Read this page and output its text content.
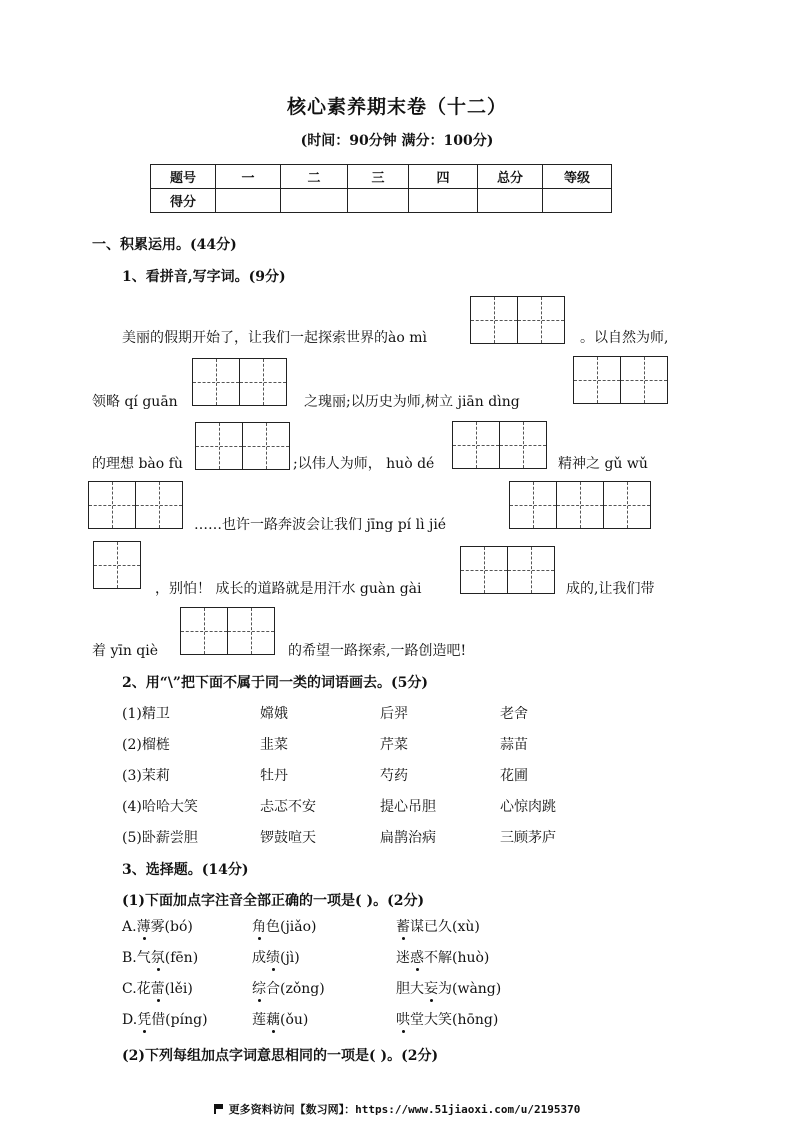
核心素养期末卷（十二）
(时间：90分钟 满分：100分)
题号	一	二	三	四	总分	等级
得分						
一、积累运用。(44分)
1、看拼音,写字词。(9分)
美丽的假期开始了，让我们一起探索世界的ào mì	。以自然为师,
领略 qí guān	之瑰丽;以历史为师,树立 jiān dìng
的理想 bào fù	;以伟人为师， huò dé	精神之 gǔ wǔ
……也许一路奔波会让我们 jīng pí lì jié
，别怕！ 成长的道路就是用汗水 guàn gài	成的,让我们带
着 yīn qiè	的希望一路探索,一路创造吧!
2、用“\”把下面不属于同一类的词语画去。(5分)
(1)精卫	嫦娥	后羿	老舍
(2)榴梿	韭菜	芹菜	蒜苗
(3)茉莉	牡丹	芍药	花圃
(4)哈哈大笑	忐忑不安	提心吊胆	心惊肉跳
(5)卧薪尝胆	锣鼓喧天	扁鹊治病	三顾茅庐
3、选择题。(14分)
(1)下面加点字注音全部正确的一项是( )。(2分)
A.薄雾(bó)	角色(jiǎo)	蓄谋已久(xù)
B.气氛(fēn)	成绩(jì)	迷惑不解(huò)
C.花蕾(lěi)	综合(zǒng)	胆大妄为(wàng)
D.凭借(píng)	莲藕(ǒu)	哄堂大笑(hōng)
(2)下列每组加点字词意思相同的一项是( )。(2分)
更多资料访问【数习网】：https://www.51jiaoxi.com/u/2195370
